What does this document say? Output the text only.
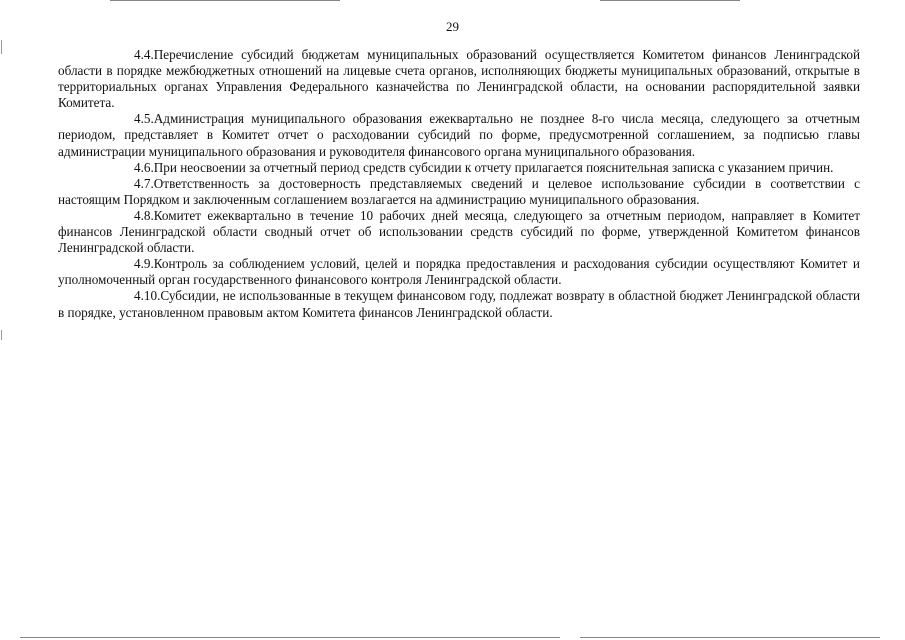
29

4.4.Перечисление субсидий бюджетам муниципальных образований осуществляется Комитетом финансов Ленинградской области в порядке межбюджетных отношений на лицевые счета органов, исполняющих бюджеты муниципальных образований, открытые в территориальных органах Управления Федерального казначейства по Ленинградской области, на основании распорядительной заявки Комитета.

4.5.Администрация муниципального образования ежеквартально не позднее 8-го числа месяца, следующего за отчетным периодом, представляет в Комитет отчет о расходовании субсидий по форме, предусмотренной соглашением, за подписью главы администрации муниципального образования и руководителя финансового органа муниципального образования.

4.6.При неосвоении за отчетный период средств субсидии к отчету прилагается пояснительная записка с указанием причин.

4.7.Ответственность за достоверность представляемых сведений и целевое использование субсидии в соответствии с настоящим Порядком и заключенным соглашением возлагается на администрацию муниципального образования.

4.8.Комитет ежеквартально в течение 10 рабочих дней месяца, следующего за отчетным периодом, направляет в Комитет финансов Ленинградской области сводный отчет об использовании средств субсидий по форме, утвержденной Комитетом финансов Ленинградской области.

4.9.Контроль за соблюдением условий, целей и порядка предоставления и расходования субсидии осуществляют Комитет и уполномоченный орган государственного финансового контроля Ленинградской области.

4.10.Субсидии, не использованные в текущем финансовом году, подлежат возврату в областной бюджет Ленинградской области в порядке, установленном правовым актом Комитета финансов Ленинградской области.
